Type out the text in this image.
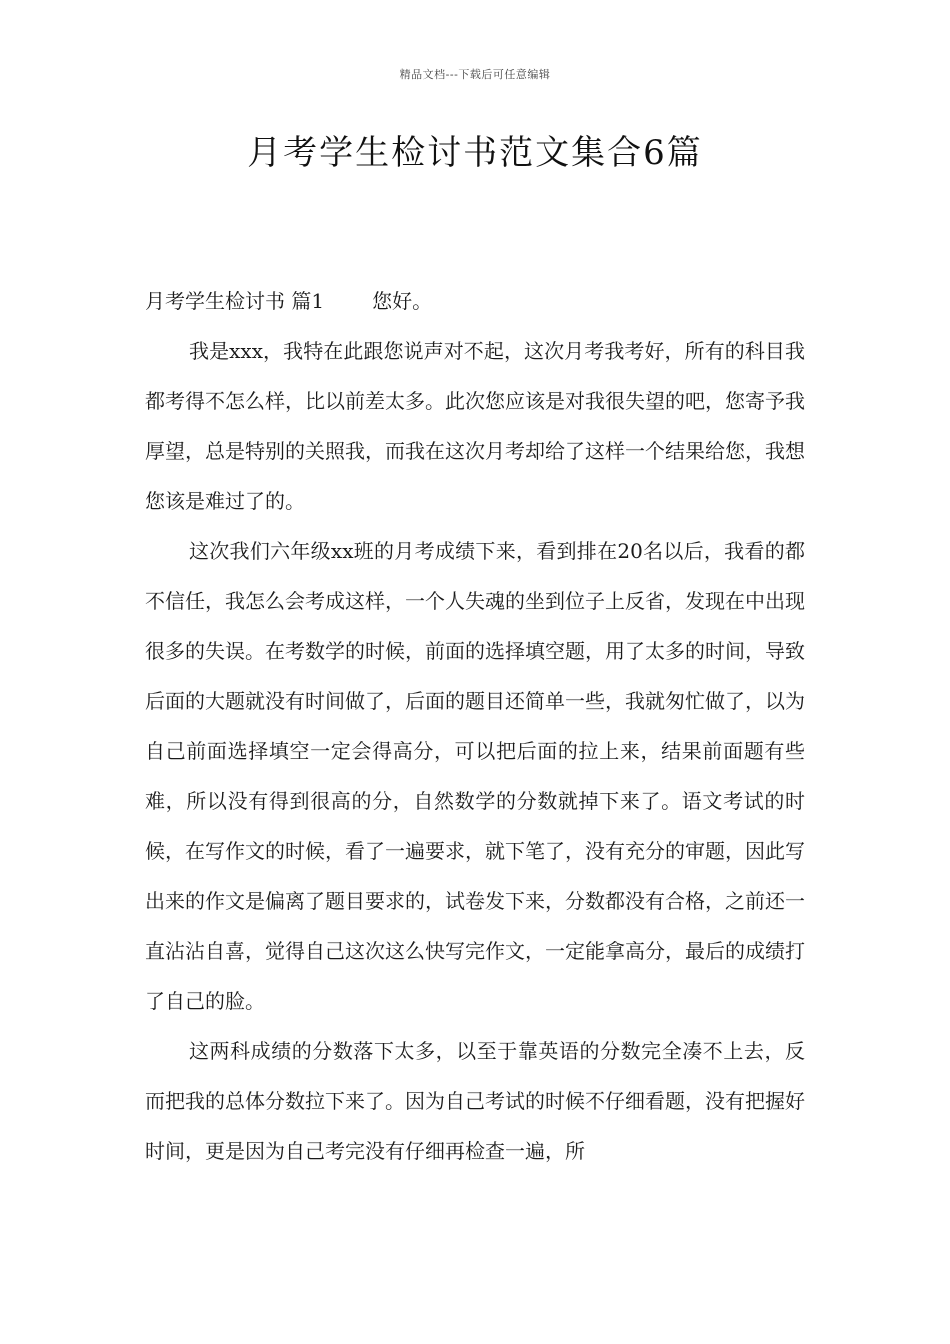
精品文档---下载后可任意编辑
月考学生检讨书范文集合6篇

月考学生检讨书 篇1 您好。

我是xxx，我特在此跟您说声对不起，这次月考我考好，所有的科目我都考得不怎么样，比以前差太多。此次您应该是对我很失望的吧，您寄予我厚望，总是特别的关照我，而我在这次月考却给了这样一个结果给您，我想您该是难过了的。

这次我们六年级xx班的月考成绩下来，看到排在20名以后，我看的都不信任，我怎么会考成这样，一个人失魂的坐到位子上反省，发现在中出现很多的失误。在考数学的时候，前面的选择填空题，用了太多的时间，导致后面的大题就没有时间做了，后面的题目还简单一些，我就匆忙做了，以为自己前面选择填空一定会得高分，可以把后面的拉上来，结果前面题有些难，所以没有得到很高的分，自然数学的分数就掉下来了。语文考试的时候，在写作文的时候，看了一遍要求，就下笔了，没有充分的审题，因此写出来的作文是偏离了题目要求的，试卷发下来，分数都没有合格，之前还一直沾沾自喜，觉得自己这次这么快写完作文，一定能拿高分，最后的成绩打了自己的脸。

这两科成绩的分数落下太多，以至于靠英语的分数完全凑不上去，反而把我的总体分数拉下来了。因为自己考试的时候不仔细看题，没有把握好时间，更是因为自己考完没有仔细再检查一遍，所
